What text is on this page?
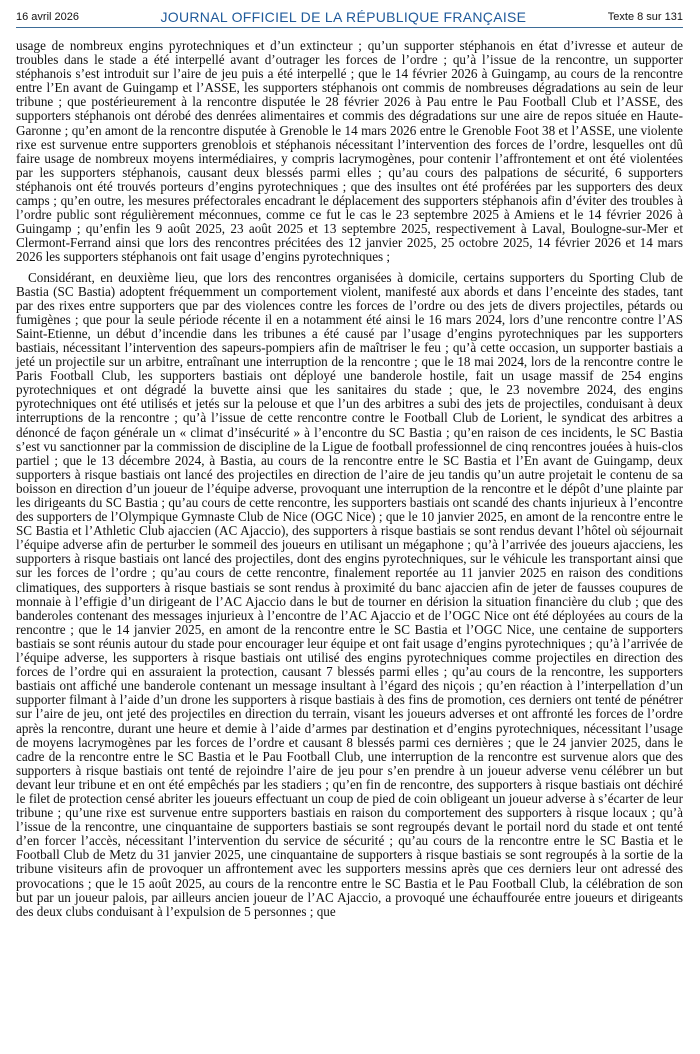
16 avril 2026	JOURNAL OFFICIEL DE LA RÉPUBLIQUE FRANÇAISE	Texte 8 sur 131

usage de nombreux engins pyrotechniques et d’un extincteur ; qu’un supporter stéphanois en état d’ivresse et auteur de troubles dans le stade a été interpellé avant d’outrager les forces de l’ordre ; qu’à l’issue de la rencontre, un supporter stéphanois s’est introduit sur l’aire de jeu puis a été interpellé ; que le 14 février 2026 à Guingamp, au cours de la rencontre entre l’En avant de Guingamp et l’ASSE, les supporters stéphanois ont commis de nombreuses dégradations au sein de leur tribune ; que postérieurement à la rencontre disputée le 28 février 2026 à Pau entre le Pau Football Club et l’ASSE, des supporters stéphanois ont dérobé des denrées alimentaires et commis des dégradations sur une aire de repos située en Haute-Garonne ; qu’en amont de la rencontre disputée à Grenoble le 14 mars 2026 entre le Grenoble Foot 38 et l’ASSE, une violente rixe est survenue entre supporters grenoblois et stéphanois nécessitant l’intervention des forces de l’ordre, lesquelles ont dû faire usage de nombreux moyens intermédiaires, y compris lacrymogènes, pour contenir l’affrontement et ont été violentées par les supporters stéphanois, causant deux blessés parmi elles ; qu’au cours des palpations de sécurité, 6 supporters stéphanois ont été trouvés porteurs d’engins pyrotechniques ; que des insultes ont été proférées par les supporters des deux camps ; qu’en outre, les mesures préfectorales encadrant le déplacement des supporters stéphanois afin d’éviter des troubles à l’ordre public sont régulièrement méconnues, comme ce fut le cas le 23 septembre 2025 à Amiens et le 14 février 2026 à Guingamp ; qu’enfin les 9 août 2025, 23 août 2025 et 13 septembre 2025, respectivement à Laval, Boulogne-sur-Mer et Clermont-Ferrand ainsi que lors des rencontres précitées des 12 janvier 2025, 25 octobre 2025, 14 février 2026 et 14 mars 2026 les supporters stéphanois ont fait usage d’engins pyrotechniques ;

Considérant, en deuxième lieu, que lors des rencontres organisées à domicile, certains supporters du Sporting Club de Bastia (SC Bastia) adoptent fréquemment un comportement violent, manifesté aux abords et dans l’enceinte des stades, tant par des rixes entre supporters que par des violences contre les forces de l’ordre ou des jets de divers projectiles, pétards ou fumigènes ; que pour la seule période récente il en a notamment été ainsi le 16 mars 2024, lors d’une rencontre contre l’AS Saint-Etienne, un début d’incendie dans les tribunes a été causé par l’usage d’engins pyrotechniques par les supporters bastiais, nécessitant l’intervention des sapeurs-pompiers afin de maîtriser le feu ; qu’à cette occasion, un supporter bastiais a jeté un projectile sur un arbitre, entraînant une interruption de la rencontre ; que le 18 mai 2024, lors de la rencontre contre le Paris Football Club, les supporters bastiais ont déployé une banderole hostile, fait un usage massif de 254 engins pyrotechniques et ont dégradé la buvette ainsi que les sanitaires du stade ; que, le 23 novembre 2024, des engins pyrotechniques ont été utilisés et jetés sur la pelouse et que l’un des arbitres a subi des jets de projectiles, conduisant à deux interruptions de la rencontre ; qu’à l’issue de cette rencontre contre le Football Club de Lorient, le syndicat des arbitres a dénoncé de façon générale un « climat d’insécurité » à l’encontre du SC Bastia ; qu’en raison de ces incidents, le SC Bastia s’est vu sanctionner par la commission de discipline de la Ligue de football professionnel de cinq rencontres jouées à huis-clos partiel ; que le 13 décembre 2024, à Bastia, au cours de la rencontre entre le SC Bastia et l’En avant de Guingamp, deux supporters à risque bastiais ont lancé des projectiles en direction de l’aire de jeu tandis qu’un autre projetait le contenu de sa boisson en direction d’un joueur de l’équipe adverse, provoquant une interruption de la rencontre et le dépôt d’une plainte par les dirigeants du SC Bastia ; qu’au cours de cette rencontre, les supporters bastiais ont scandé des chants injurieux à l’encontre des supporters de l’Olympique Gymnaste Club de Nice (OGC Nice) ; que le 10 janvier 2025, en amont de la rencontre entre le SC Bastia et l’Athletic Club ajaccien (AC Ajaccio), des supporters à risque bastiais se sont rendus devant l’hôtel où séjournait l’équipe adverse afin de perturber le sommeil des joueurs en utilisant un mégaphone ; qu’à l’arrivée des joueurs ajacciens, les supporters à risque bastiais ont lancé des projectiles, dont des engins pyrotechniques, sur le véhicule les transportant ainsi que sur les forces de l’ordre ; qu’au cours de cette rencontre, finalement reportée au 11 janvier 2025 en raison des conditions climatiques, des supporters à risque bastiais se sont rendus à proximité du banc ajaccien afin de jeter de fausses coupures de monnaie à l’effigie d’un dirigeant de l’AC Ajaccio dans le but de tourner en dérision la situation financière du club ; que des banderoles contenant des messages injurieux à l’encontre de l’AC Ajaccio et de l’OGC Nice ont été déployées au cours de la rencontre ; que le 14 janvier 2025, en amont de la rencontre entre le SC Bastia et l’OGC Nice, une centaine de supporters bastiais se sont réunis autour du stade pour encourager leur équipe et ont fait usage d’engins pyrotechniques ; qu’à l’arrivée de l’équipe adverse, les supporters à risque bastiais ont utilisé des engins pyrotechniques comme projectiles en direction des forces de l’ordre qui en assuraient la protection, causant 7 blessés parmi elles ; qu’au cours de la rencontre, les supporters bastiais ont affiché une banderole contenant un message insultant à l’égard des niçois ; qu’en réaction à l’interpellation d’un supporter filmant à l’aide d’un drone les supporters à risque bastiais à des fins de promotion, ces derniers ont tenté de pénétrer sur l’aire de jeu, ont jeté des projectiles en direction du terrain, visant les joueurs adverses et ont affronté les forces de l’ordre après la rencontre, durant une heure et demie à l’aide d’armes par destination et d’engins pyrotechniques, nécessitant l’usage de moyens lacrymogènes par les forces de l’ordre et causant 8 blessés parmi ces dernières ; que le 24 janvier 2025, dans le cadre de la rencontre entre le SC Bastia et le Pau Football Club, une interruption de la rencontre est survenue alors que des supporters à risque bastiais ont tenté de rejoindre l’aire de jeu pour s’en prendre à un joueur adverse venu célébrer un but devant leur tribune et en ont été empêchés par les stadiers ; qu’en fin de rencontre, des supporters à risque bastiais ont déchiré le filet de protection censé abriter les joueurs effectuant un coup de pied de coin obligeant un joueur adverse à s’écarter de leur tribune ; qu’une rixe est survenue entre supporters bastiais en raison du comportement des supporters à risque locaux ; qu’à l’issue de la rencontre, une cinquantaine de supporters bastiais se sont regroupés devant le portail nord du stade et ont tenté d’en forcer l’accès, nécessitant l’intervention du service de sécurité ; qu’au cours de la rencontre entre le SC Bastia et le Football Club de Metz du 31 janvier 2025, une cinquantaine de supporters à risque bastiais se sont regroupés à la sortie de la tribune visiteurs afin de provoquer un affrontement avec les supporters messins après que ces derniers leur ont adressé des provocations ; que le 15 août 2025, au cours de la rencontre entre le SC Bastia et le Pau Football Club, la célébration de son but par un joueur palois, par ailleurs ancien joueur de l’AC Ajaccio, a provoqué une échauffourée entre joueurs et dirigeants des deux clubs conduisant à l’expulsion de 5 personnes ; que
